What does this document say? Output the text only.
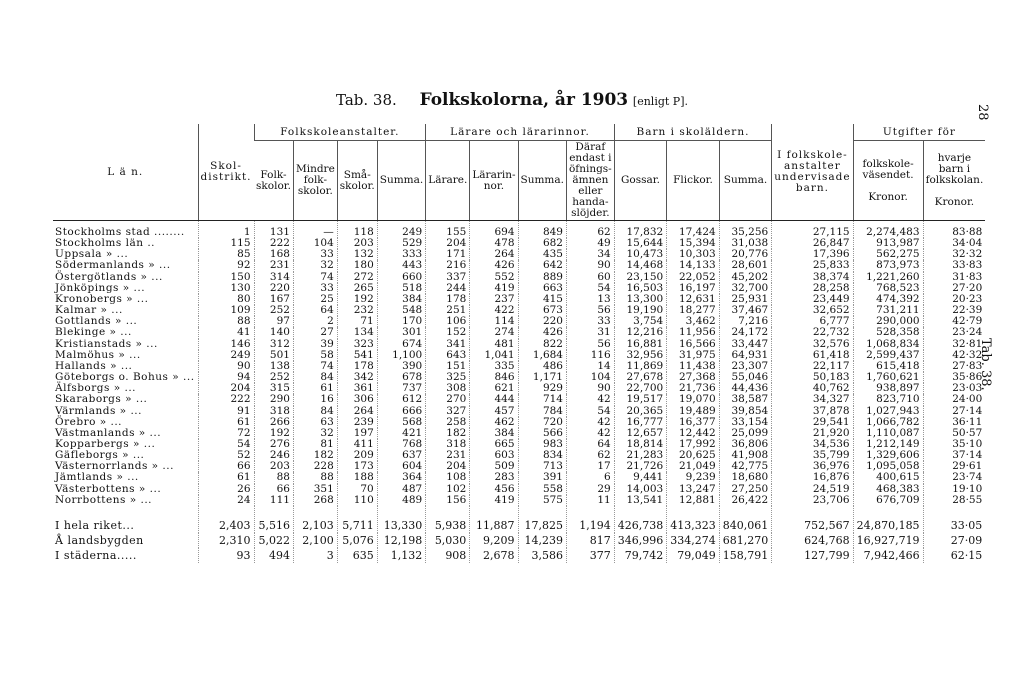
Tab. 38. Folkskolorna, år 1903 [enligt P].
28
Tab. 38.
L ä n.	Skol-distrikt.	Folkskoleanstalter.				Lärare och lärarinnor.				Barn i skoläldern.			I folkskole-anstalter undervisade barn.	Utgifter för	
		Folk-skolor.	Mindre folk-skolor.	Små-skolor.	Summa.	Lärare.	Lärarin-nor.	Summa.	Däraf endast i öfnings-ämnen eller handa-slöjder.	Gossar.	Flickor.	Summa.		folkskole-väsendet.

Kronor.	hvarje barn i folkskolan.

Kronor.
Stockholms stad ........	1	131	—	118	249	155	694	849	62	17,832	17,424	35,256	27,115	2,274,483	83·88
Stockholms län ..	115	222	104	203	529	204	478	682	49	15,644	15,394	31,038	26,847	913,987	34·04
Uppsala » ...	85	168	33	132	333	171	264	435	34	10,473	10,303	20,776	17,396	562,275	32·32
Södermanlands » ...	92	231	32	180	443	216	426	642	90	14,468	14,133	28,601	25,833	873,973	33·83
Östergötlands » ...	150	314	74	272	660	337	552	889	60	23,150	22,052	45,202	38,374	1,221,260	31·83
Jönköpings » ...	130	220	33	265	518	244	419	663	54	16,503	16,197	32,700	28,258	768,523	27·20
Kronobergs » ...	80	167	25	192	384	178	237	415	13	13,300	12,631	25,931	23,449	474,392	20·23
Kalmar » ...	109	252	64	232	548	251	422	673	56	19,190	18,277	37,467	32,652	731,211	22·39
Gottlands » ...	88	97	2	71	170	106	114	220	33	3,754	3,462	7,216	6,777	290,000	42·79
Blekinge » ...	41	140	27	134	301	152	274	426	31	12,216	11,956	24,172	22,732	528,358	23·24
Kristianstads » ...	146	312	39	323	674	341	481	822	56	16,881	16,566	33,447	32,576	1,068,834	32·81
Malmöhus » ...	249	501	58	541	1,100	643	1,041	1,684	116	32,956	31,975	64,931	61,418	2,599,437	42·32
Hallands » ...	90	138	74	178	390	151	335	486	14	11,869	11,438	23,307	22,117	615,418	27·83
Göteborgs o. Bohus » ...	94	252	84	342	678	325	846	1,171	104	27,678	27,368	55,046	50,183	1,760,621	35·86
Älfsborgs » ...	204	315	61	361	737	308	621	929	90	22,700	21,736	44,436	40,762	938,897	23·03
Skaraborgs » ...	222	290	16	306	612	270	444	714	42	19,517	19,070	38,587	34,327	823,710	24·00
Värmlands » ...	91	318	84	264	666	327	457	784	54	20,365	19,489	39,854	37,878	1,027,943	27·14
Örebro » ...	61	266	63	239	568	258	462	720	42	16,777	16,377	33,154	29,541	1,066,782	36·11
Västmanlands » ...	72	192	32	197	421	182	384	566	42	12,657	12,442	25,099	21,920	1,110,087	50·57
Kopparbergs » ...	54	276	81	411	768	318	665	983	64	18,814	17,992	36,806	34,536	1,212,149	35·10
Gäfleborgs » ...	52	246	182	209	637	231	603	834	62	21,283	20,625	41,908	35,799	1,329,606	37·14
Västernorrlands » ...	66	203	228	173	604	204	509	713	17	21,726	21,049	42,775	36,976	1,095,058	29·61
Jämtlands » ...	61	88	88	188	364	108	283	391	6	9,441	9,239	18,680	16,876	400,615	23·74
Västerbottens » ...	26	66	351	70	487	102	456	558	29	14,003	13,247	27,250	24,519	468,383	19·10
Norrbottens » ...	24	111	268	110	489	156	419	575	11	13,541	12,881	26,422	23,706	676,709	28·55
I hela riket...	2,403	5,516	2,103	5,711	13,330	5,938	11,887	17,825	1,194	426,738	413,323	840,061	752,567	24,870,185	33·05
Å landsbygden	2,310	5,022	2,100	5,076	12,198	5,030	9,209	14,239	817	346,996	334,274	681,270	624,768	16,927,719	27·09
I städerna.....	93	494	3	635	1,132	908	2,678	3,586	377	79,742	79,049	158,791	127,799	7,942,466	62·15
